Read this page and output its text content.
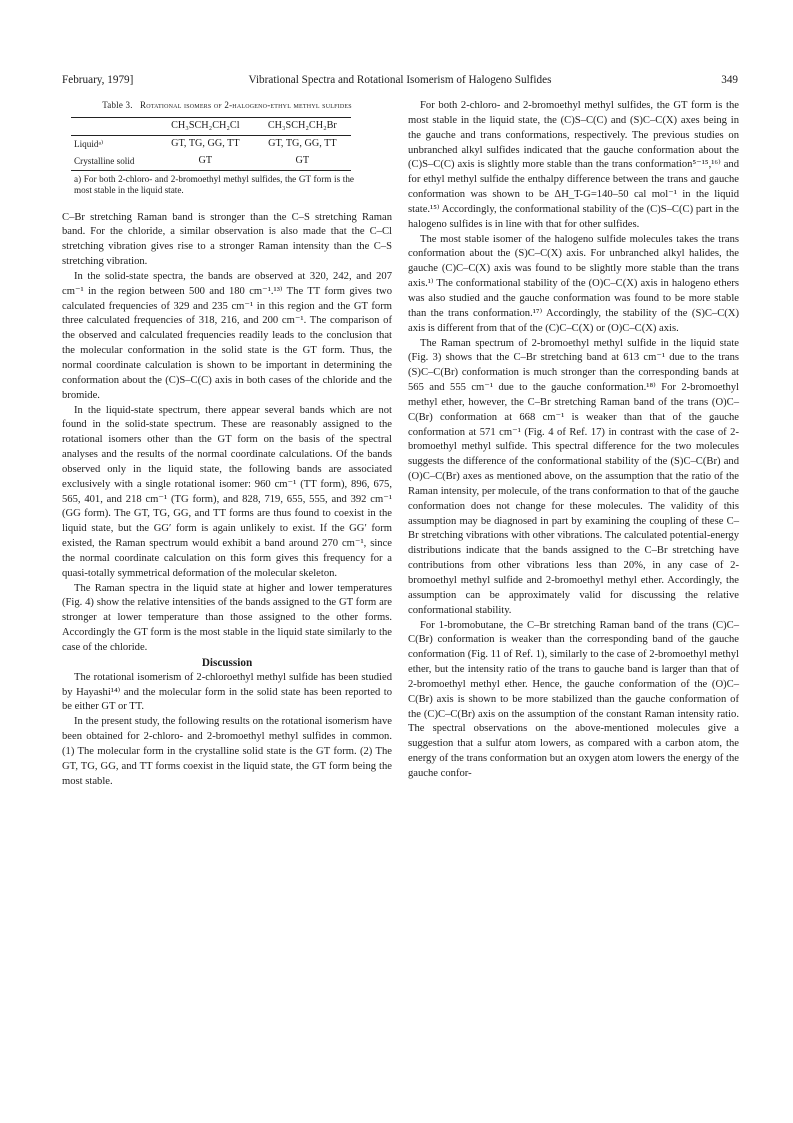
February, 1979]	Vibrational Spectra and Rotational Isomerism of Halogeno Sulfides	349
Table 3. Rotational isomers of 2-halogeno-ethyl methyl sulfides
	CH₃SCH₂CH₂Cl	CH₃SCH₂CH₂Br
Liquidᵃ⁾	GT, TG, GG, TT	GT, TG, GG, TT
Crystalline solid	GT	GT
a) For both 2-chloro- and 2-bromoethyl methyl sulfides, the GT form is the most stable in the liquid state.

C–Br stretching Raman band is stronger than the C–S stretching Raman band. For the chloride, a similar observation is also made that the C–Cl stretching vibration gives rise to a stronger Raman intensity than the C–S stretching vibration.

In the solid-state spectra, the bands are observed at 320, 242, and 207 cm⁻¹ in the region between 500 and 180 cm⁻¹.¹³⁾ The TT form gives two calculated frequencies of 329 and 235 cm⁻¹ in this region and the GT form three calculated frequencies of 318, 216, and 200 cm⁻¹. The comparison of the observed and calculated frequencies readily leads to the conclusion that the molecular conformation in the solid state is the GT form. Thus, the normal coordinate calculation is shown to be important in determining the conformation about the (C)S–C(C) axis in both cases of the chloride and the bromide.

In the liquid-state spectrum, there appear several bands which are not found in the solid-state spectrum. These are reasonably assigned to the rotational isomers other than the GT form on the basis of the spectral analyses and the results of the normal coordinate calculations. Of the bands observed only in the liquid state, the following bands are associated exclusively with a single rotational isomer: 960 cm⁻¹ (TT form), 896, 675, 565, 401, and 218 cm⁻¹ (TG form), and 828, 719, 655, 555, and 392 cm⁻¹ (GG form). The GT, TG, GG, and TT forms are thus found to coexist in the liquid state, but the GG′ form is again unlikely to exist. If the GG′ form existed, the Raman spectrum would exhibit a band around 270 cm⁻¹, since the normal coordinate calculation on this form gives this frequency for a quasi-totally symmetrical deformation of the molecular skeleton.

The Raman spectra in the liquid state at higher and lower temperatures (Fig. 4) show the relative intensities of the bands assigned to the GT form are stronger at lower temperature than those assigned to the other forms. Accordingly the GT form is the most stable in the liquid state similarly to the case of the chloride.

Discussion

The rotational isomerism of 2-chloroethyl methyl sulfide has been studied by Hayashi¹⁴⁾ and the molecular form in the solid state has been reported to be either GT or TT.

In the present study, the following results on the rotational isomerism have been obtained for 2-chloro- and 2-bromoethyl methyl sulfides in common. (1) The molecular form in the crystalline solid state is the GT form. (2) The GT, TG, GG, and TT forms coexist in the liquid state, the GT form being the most stable.

For both 2-chloro- and 2-bromoethyl methyl sulfides, the GT form is the most stable in the liquid state, the (C)S–C(C) and (S)C–C(X) axes being in the gauche and trans conformations, respectively. The previous studies on unbranched alkyl sulfides indicated that the gauche conformation about the (C)S–C(C) axis is slightly more stable than the trans conformation⁵⁻¹⁵,¹⁶⁾ and for ethyl methyl sulfide the enthalpy difference between the trans and gauche conformation was shown to be ΔH_T-G=140–50 cal mol⁻¹ in the liquid state.¹⁵⁾ Accordingly, the conformational stability of the (C)S–C(C) part in the halogeno sulfides is in line with that for other sulfides.

The most stable isomer of the halogeno sulfide molecules takes the trans conformation about the (S)C–C(X) axis. For unbranched alkyl halides, the gauche (C)C–C(X) axis was found to be slightly more stable than the trans axis.¹⁾ The conformational stability of the (O)C–C(X) axis in halogeno ethers was also studied and the gauche conformation was found to be more stable than the trans conformation.¹⁷⁾ Accordingly, the stability of the (S)C–C(X) axis is different from that of the (C)C–C(X) or (O)C–C(X) axis.

The Raman spectrum of 2-bromoethyl methyl sulfide in the liquid state (Fig. 3) shows that the C–Br stretching band at 613 cm⁻¹ due to the trans (S)C–C(Br) conformation is much stronger than the corresponding bands at 565 and 555 cm⁻¹ due to the gauche conformation.¹⁸⁾ For 2-bromoethyl methyl ether, however, the C–Br stretching Raman band of the trans (O)C–C(Br) conformation at 668 cm⁻¹ is weaker than that of the gauche conformation at 571 cm⁻¹ (Fig. 4 of Ref. 17) in contrast with the case of 2-bromoethyl methyl sulfide. This spectral difference for the two molecules suggests the difference of the conformational stability of the (S)C–C(Br) and (O)C–C(Br) axes as mentioned above, on the assumption that the ratio of the Raman intensity, per molecule, of the trans conformation to that of the gauche conformation does not change for these molecules. The validity of this assumption may be diagnosed in part by examining the coupling of these C–Br stretching vibrations with other vibrations. The calculated potential-energy distributions indicate that the bands assigned to the C–Br stretching have contributions from other vibrations less than 20%, in any case of 2-bromoethyl methyl sulfide and 2-bromoethyl methyl ether. Accordingly, the assumption can be approximately valid for discussing the relative conformational stability.

For 1-bromobutane, the C–Br stretching Raman band of the trans (C)C–C(Br) conformation is weaker than the corresponding band of the gauche conformation (Fig. 11 of Ref. 1), similarly to the case of 2-bromoethyl methyl ether, but the intensity ratio of the trans to gauche band is larger than that of 2-bromoethyl methyl ether. Hence, the gauche conformation of the (O)C–C(Br) axis is shown to be more stabilized than the gauche conformation of the (C)C–C(Br) axis on the assumption of the constant Raman intensity ratio. The spectral observations on the above-mentioned molecules give a suggestion that a sulfur atom lowers, as compared with a carbon atom, the energy of the trans conformation but an oxygen atom lowers the energy of the gauche confor-
